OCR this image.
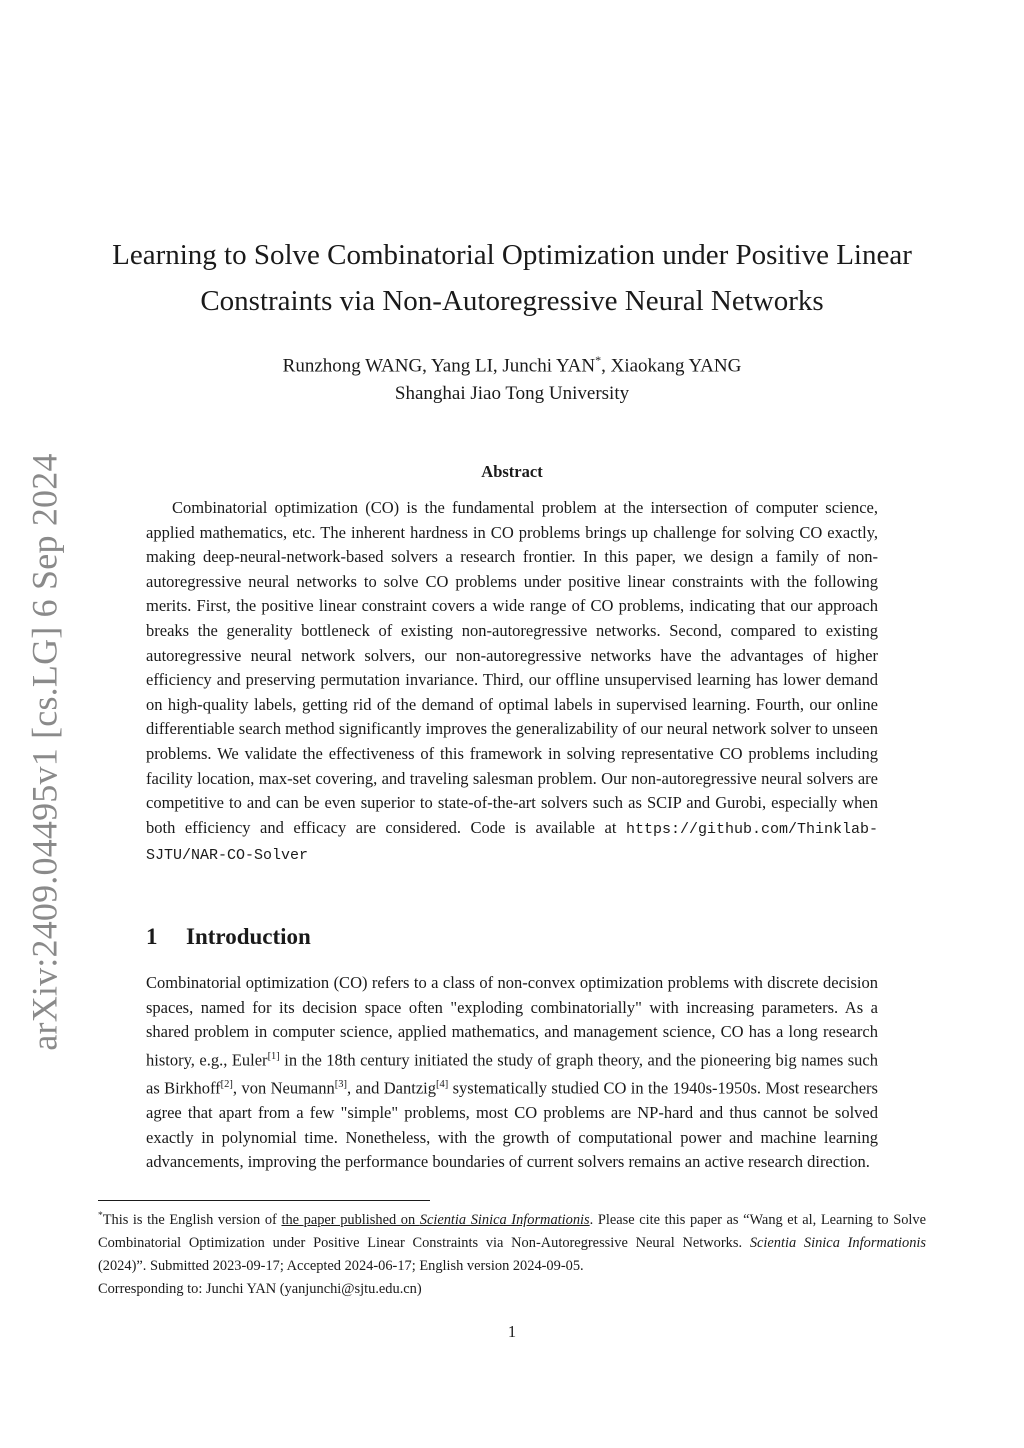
arXiv:2409.04495v1 [cs.LG] 6 Sep 2024
Learning to Solve Combinatorial Optimization under Positive Linear
Constraints via Non-Autoregressive Neural Networks
Runzhong WANG, Yang LI, Junchi YAN*, Xiaokang YANG
Shanghai Jiao Tong University
Abstract

Combinatorial optimization (CO) is the fundamental problem at the intersection of computer science, applied mathematics, etc. The inherent hardness in CO problems brings up challenge for solving CO exactly, making deep-neural-network-based solvers a research frontier. In this paper, we design a family of non-autoregressive neural networks to solve CO problems under positive linear constraints with the following merits. First, the positive linear constraint covers a wide range of CO problems, indicating that our approach breaks the generality bottleneck of existing non-autoregressive networks. Second, compared to existing autoregressive neural network solvers, our non-autoregressive networks have the advantages of higher efficiency and preserving permutation invariance. Third, our offline unsupervised learning has lower demand on high-quality labels, getting rid of the demand of optimal labels in supervised learning. Fourth, our online differentiable search method significantly improves the generalizability of our neural network solver to unseen problems. We validate the effectiveness of this framework in solving representative CO problems including facility location, max-set covering, and traveling salesman problem. Our non-autoregressive neural solvers are competitive to and can be even superior to state-of-the-art solvers such as SCIP and Gurobi, especially when both efficiency and efficacy are considered. Code is available at https://github.com/Thinklab-SJTU/NAR-CO-Solver

1 Introduction

Combinatorial optimization (CO) refers to a class of non-convex optimization problems with discrete decision spaces, named for its decision space often "exploding combinatorially" with increasing parameters. As a shared problem in computer science, applied mathematics, and management science, CO has a long research history, e.g., Euler[1] in the 18th century initiated the study of graph theory, and the pioneering big names such as Birkhoff[2], von Neumann[3], and Dantzig[4] systematically studied CO in the 1940s-1950s. Most researchers agree that apart from a few "simple" problems, most CO problems are NP-hard and thus cannot be solved exactly in polynomial time. Nonetheless, with the growth of computational power and machine learning advancements, improving the performance boundaries of current solvers remains an active research direction.

*This is the English version of the paper published on Scientia Sinica Informationis. Please cite this paper as “Wang et al, Learning to Solve Combinatorial Optimization under Positive Linear Constraints via Non-Autoregressive Neural Networks. Scientia Sinica Informationis (2024)”. Submitted 2023-09-17; Accepted 2024-06-17; English version 2024-09-05.
Corresponding to: Junchi YAN (yanjunchi@sjtu.edu.cn)

1
